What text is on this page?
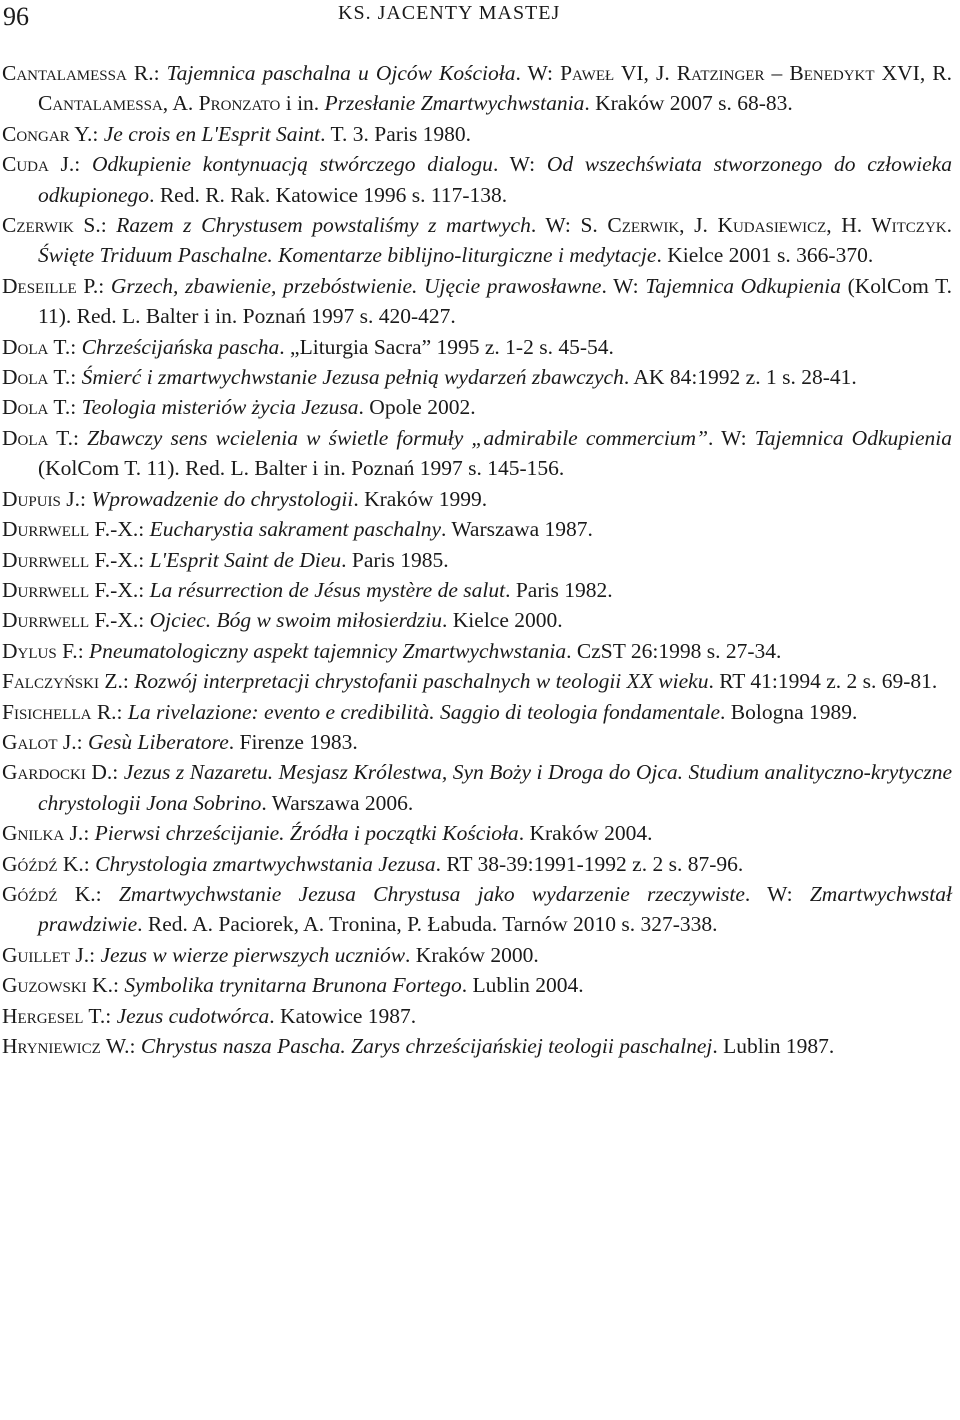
96	KS. JACENTY MASTEJ
Cantalamessa R.: Tajemnica paschalna u Ojców Kościoła. W: Paweł VI, J. Ratzinger – Benedykt XVI, R. Cantalamessa, A. Pronzato i in. Przesłanie Zmartwychwstania. Kraków 2007 s. 68-83.
Congar Y.: Je crois en L'Esprit Saint. T. 3. Paris 1980.
Cuda J.: Odkupienie kontynuacją stwórczego dialogu. W: Od wszechświata stworzonego do człowieka odkupionego. Red. R. Rak. Katowice 1996 s. 117-138.
Czerwik S.: Razem z Chrystusem powstaliśmy z martwych. W: S. Czerwik, J. Kudasiewicz, H. Witczyk. Święte Triduum Paschalne. Komentarze biblijno-liturgiczne i medytacje. Kielce 2001 s. 366-370.
Deseille P.: Grzech, zbawienie, przebóstwienie. Ujęcie prawosławne. W: Tajemnica Odkupienia (KolCom T. 11). Red. L. Balter i in. Poznań 1997 s. 420-427.
Dola T.: Chrześcijańska pascha. „Liturgia Sacra” 1995 z. 1-2 s. 45-54.
Dola T.: Śmierć i zmartwychwstanie Jezusa pełnią wydarzeń zbawczych. AK 84:1992 z. 1 s. 28-41.
Dola T.: Teologia misteriów życia Jezusa. Opole 2002.
Dola T.: Zbawczy sens wcielenia w świetle formuły „admirabile commercium”. W: Tajemnica Odkupienia (KolCom T. 11). Red. L. Balter i in. Poznań 1997 s. 145-156.
Dupuis J.: Wprowadzenie do chrystologii. Kraków 1999.
Durrwell F.-X.: Eucharystia sakrament paschalny. Warszawa 1987.
Durrwell F.-X.: L'Esprit Saint de Dieu. Paris 1985.
Durrwell F.-X.: La résurrection de Jésus mystère de salut. Paris 1982.
Durrwell F.-X.: Ojciec. Bóg w swoim miłosierdziu. Kielce 2000.
Dylus F.: Pneumatologiczny aspekt tajemnicy Zmartwychwstania. CzST 26:1998 s. 27-34.
Falczyński Z.: Rozwój interpretacji chrystofanii paschalnych w teologii XX wieku. RT 41:1994 z. 2 s. 69-81.
Fisichella R.: La rivelazione: evento e credibilità. Saggio di teologia fondamentale. Bologna 1989.
Galot J.: Gesù Liberatore. Firenze 1983.
Gardocki D.: Jezus z Nazaretu. Mesjasz Królestwa, Syn Boży i Droga do Ojca. Studium analityczno-krytyczne chrystologii Jona Sobrino. Warszawa 2006.
Gnilka J.: Pierwsi chrześcijanie. Źródła i początki Kościoła. Kraków 2004.
Góźdź K.: Chrystologia zmartwychwstania Jezusa. RT 38-39:1991-1992 z. 2 s. 87-96.
Góźdź K.: Zmartwychwstanie Jezusa Chrystusa jako wydarzenie rzeczywiste. W: Zmartwychwstał prawdziwie. Red. A. Paciorek, A. Tronina, P. Łabuda. Tarnów 2010 s. 327-338.
Guillet J.: Jezus w wierze pierwszych uczniów. Kraków 2000.
Guzowski K.: Symbolika trynitarna Brunona Fortego. Lublin 2004.
Hergesel T.: Jezus cudotwórca. Katowice 1987.
Hryniewicz W.: Chrystus nasza Pascha. Zarys chrześcijańskiej teologii paschalnej. Lublin 1987.
